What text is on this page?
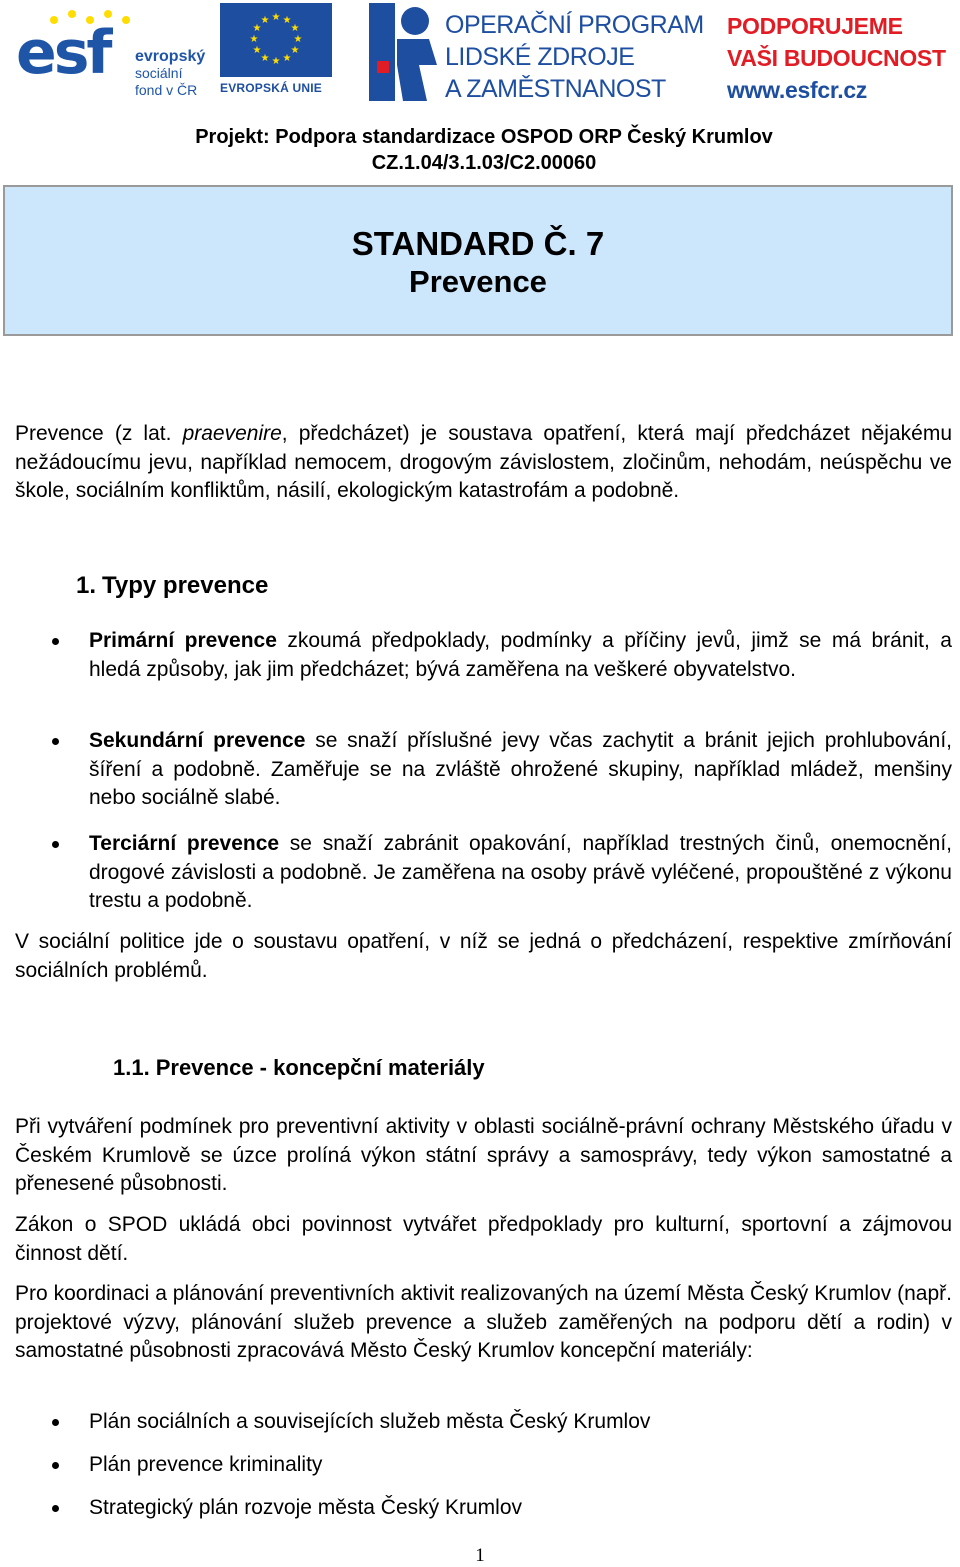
esf evropský
sociální
fond v ČR
★ ★
★
★
★
★
★
★
★
★
★
★
EVROPSKÁ UNIE
OPERAČNÍ PROGRAM
LIDSKÉ ZDROJE
A ZAMĚSTNANOST
PODPORUJEME
VAŠI BUDOUCNOST
www.esfcr.cz
Projekt: Podpora standardizace OSPOD ORP Český Krumlov
CZ.1.04/3.1.03/C2.00060
STANDARD Č. 7
Prevence
Prevence (z lat. praevenire, předcházet) je soustava opatření, která mají předcházet nějakému nežádoucímu jevu, například nemocem, drogovým závislostem, zločinům, nehodám, neúspěchu ve škole, sociálním konfliktům, násilí, ekologickým katastrofám a podobně.
1. Typy prevence
Primární prevence zkoumá předpoklady, podmínky a příčiny jevů, jimž se má bránit, a hledá způsoby, jak jim předcházet; bývá zaměřena na veškeré obyvatelstvo.
Sekundární prevence se snaží příslušné jevy včas zachytit a bránit jejich prohlubování, šíření a podobně. Zaměřuje se na zvláště ohrožené skupiny, například mládež, menšiny nebo sociálně slabé.
Terciární prevence se snaží zabránit opakování, například trestných činů, onemocnění, drogové závislosti a podobně. Je zaměřena na osoby právě vyléčené, propouštěné z výkonu trestu a podobně.
V sociální politice jde o soustavu opatření, v níž se jedná o předcházení, respektive zmírňování sociálních problémů.
1.1. Prevence - koncepční materiály
Při vytváření podmínek pro preventivní aktivity v oblasti sociálně-právní ochrany Městského úřadu v Českém Krumlově se úzce prolíná výkon státní správy a samosprávy, tedy výkon samostatné a přenesené působnosti.
Zákon o SPOD ukládá obci povinnost vytvářet předpoklady pro kulturní, sportovní a zájmovou činnost dětí.
Pro koordinaci a plánování preventivních aktivit realizovaných na území Města Český Krumlov (např. projektové výzvy, plánování služeb prevence a služeb zaměřených na podporu dětí a rodin) v samostatné působnosti zpracovává Město Český Krumlov koncepční materiály:
Plán sociálních a souvisejících služeb města Český Krumlov
Plán prevence kriminality
Strategický plán rozvoje města Český Krumlov
1
